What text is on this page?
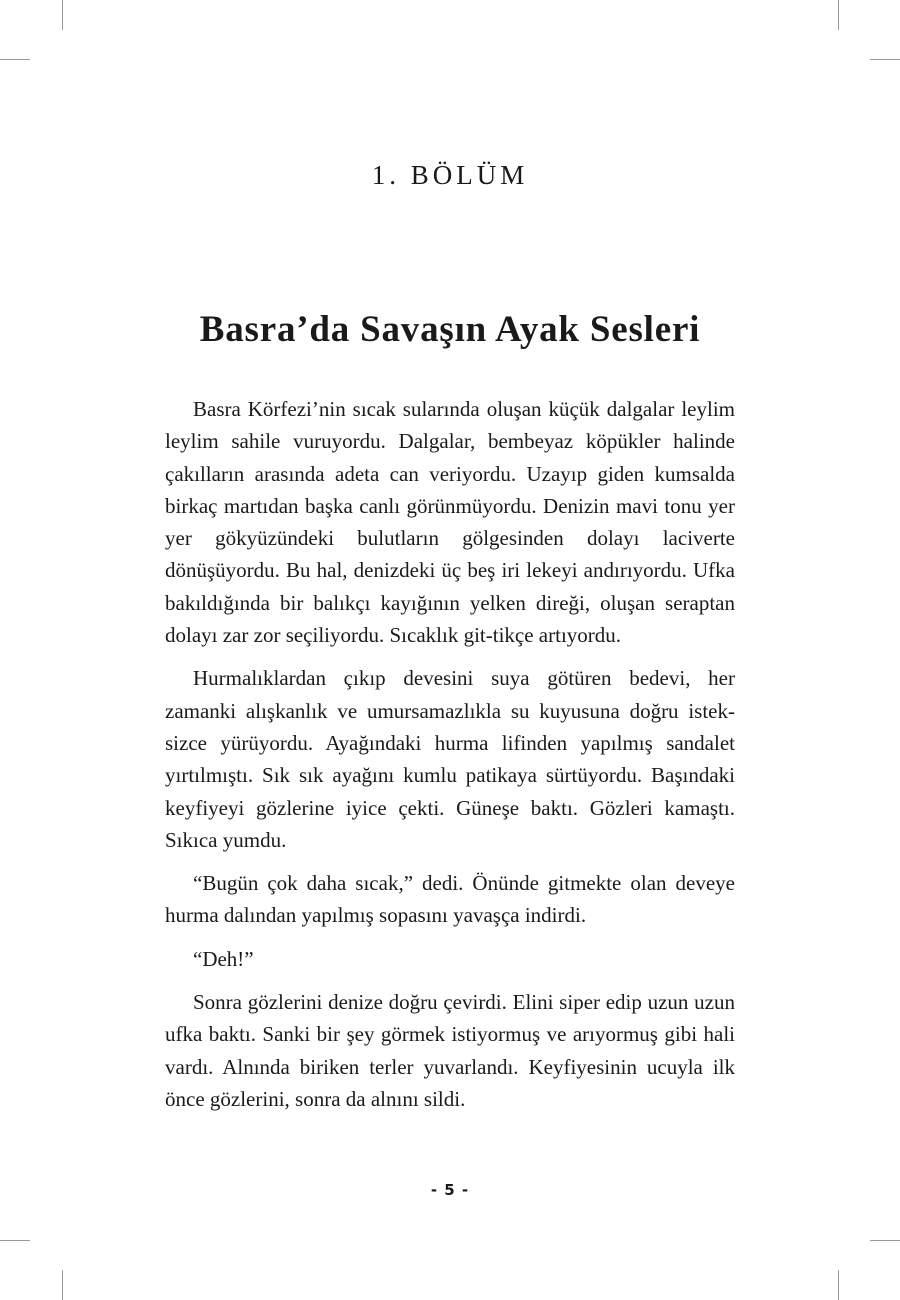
1. BÖLÜM
Basra’da Savaşın Ayak Sesleri

Basra Körfezi’nin sıcak sularında oluşan küçük dalgalar leylim leylim sahile vuruyordu. Dalgalar, bembeyaz köpükler halinde çakılların arasında adeta can veriyordu. Uzayıp giden kumsalda birkaç martıdan başka canlı görünmüyordu. Denizin mavi tonu yer yer gökyüzündeki bulutların gölgesinden dolayı laciverte dönüşüyordu. Bu hal, denizdeki üç beş iri lekeyi andırıyordu. Ufka bakıldığında bir balıkçı kayığının yelken direği, oluşan seraptan dolayı zar zor seçiliyordu. Sıcaklık git-tikçe artıyordu.

Hurmalıklardan çıkıp devesini suya götüren bedevi, her zamanki alışkanlık ve umursamazlıkla su kuyusuna doğru istek-sizce yürüyordu. Ayağındaki hurma lifinden yapılmış sandalet yırtılmıştı. Sık sık ayağını kumlu patikaya sürtüyordu. Başındaki keyfiyeyi gözlerine iyice çekti. Güneşe baktı. Gözleri kamaştı. Sıkıca yumdu.

“Bugün çok daha sıcak,” dedi. Önünde gitmekte olan deveye hurma dalından yapılmış sopasını yavaşça indirdi.

“Deh!”

Sonra gözlerini denize doğru çevirdi. Elini siper edip uzun uzun ufka baktı. Sanki bir şey görmek istiyormuş ve arıyormuş gibi hali vardı. Alnında biriken terler yuvarlandı. Keyfiyesinin ucuyla ilk önce gözlerini, sonra da alnını sildi.

- 5 -
